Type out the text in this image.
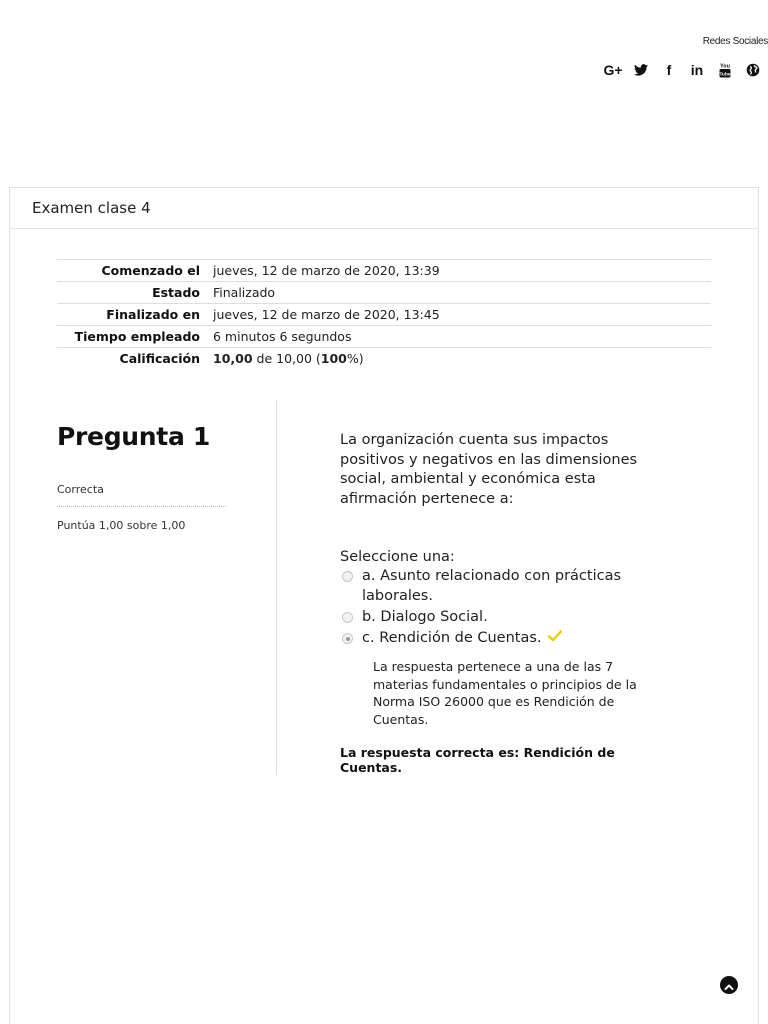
Redes Sociales
G+	f	in	You
Tube
Examen clase 4
Comenzado el	jueves, 12 de marzo de 2020, 13:39
Estado	Finalizado
Finalizado en	jueves, 12 de marzo de 2020, 13:45
Tiempo empleado	6 minutos 6 segundos
Calificación	10,00 de 10,00 (100%)
Pregunta 1
Correcta
Puntúa 1,00 sobre 1,00
La organización cuenta sus impactos positivos y negativos en las dimensiones social, ambiental y económica esta afirmación pertenece a:
Seleccione una:
a. Asunto relacionado con prácticas laborales.
b. Dialogo Social.
c. Rendición de Cuentas.
La respuesta pertenece a una de las 7 materias fundamentales o principios de la Norma ISO 26000 que es Rendición de Cuentas.
La respuesta correcta es: Rendición de Cuentas.
